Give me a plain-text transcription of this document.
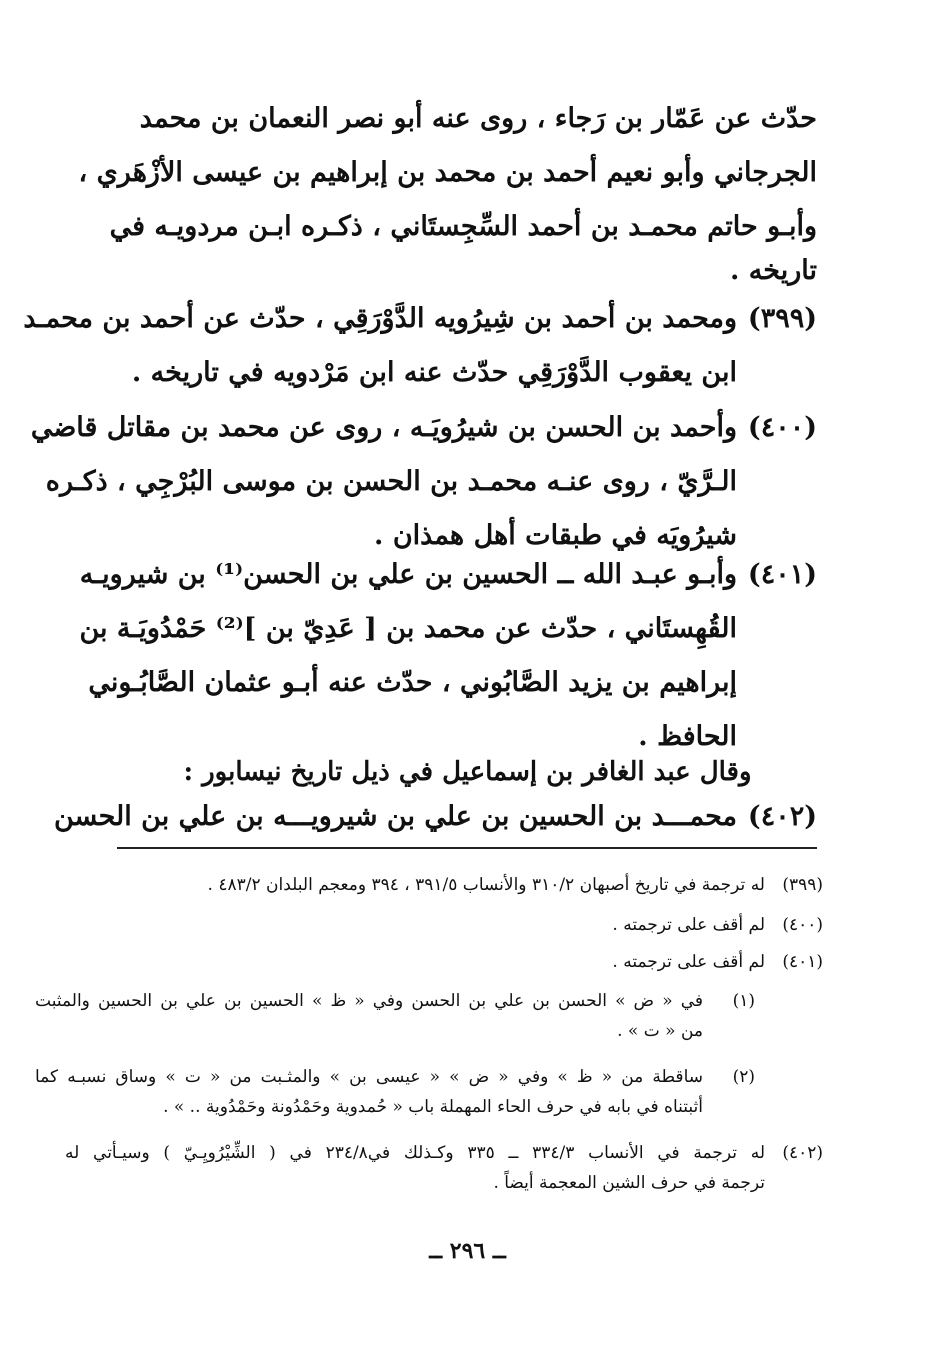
حدّث عن عَمّار بن رَجاء ، روى عنه أبو نصر النعمان بن محمد
الجرجاني وأبو نعيم أحمد بن محمد بن إبراهيم بن عيسى الأزْهَري ،
وأبـو حاتم محمـد بن أحمد السِّجِستَاني ، ذكـره ابـن مردويـه في
تاريخه .
(٣٩٩)
ومحمد بن أحمد بن شِيرُويه الدَّوْرَقِي ، حدّث عن أحمد بن محمـد
ابن يعقوب الدَّوْرَقِي حدّث عنه ابن مَرْدويه في تاريخه .
(٤٠٠)
وأحمد بن الحسن بن شيرُويَـه ، روى عن محمد بن مقاتل قاضي
الـرَّيّ ، روى عنـه محمـد بن الحسن بن موسى البُرْجِي ، ذكـره
شيرُويَه في طبقات أهل همذان .
(٤٠١)
وأبـو عبـد الله ــ الحسين بن علي بن الحسن⁽¹⁾ بن شيرويـه
القُهِستَاني ، حدّث عن محمد بن [ عَدِيّ بن ]⁽²⁾ حَمْدُويَـة بن
إبراهيم بن يزيد الصَّابُوني ، حدّث عنه أبـو عثمان الصَّابُـوني
الحافظ .
وقال عبد الغافر بن إسماعيل في ذيل تاريخ نيسابور :
(٤٠٢)
محمـــد بن الحسين بن علي بن شيرويـــه بن علي بن الحسن
(٣٩٩)
له ترجمة في تاريخ أصبهان ٣١٠/٢ والأنساب ٣٩١/٥ ، ٣٩٤ ومعجم البلدان ٤٨٣/٢ .
(٤٠٠)
لم أقف على ترجمته .
(٤٠١)
لم أقف على ترجمته .
(١)
في « ض » الحسن بن علي بن الحسن وفي « ظ » الحسين بن علي بن الحسين والمثبت
من « ت » .
(٢)
ساقطة من « ظ » وفي « ض » « عيسى بن » والمثـبت من « ت » وساق نسبـه كما
أثبتناه في بابه في حرف الحاء المهملة باب « حُمدوية وحَمْدُونة وحَمْدُوية .. » .
(٤٠٢)
له ترجمة في الأنساب ٣٣٤/٣ ــ ٣٣٥ وكـذلك في٢٣٤/٨ في ( الشِّيْرُويِـيّ ) وسيـأتي له
ترجمة في حرف الشين المعجمة أيضاً .
ــ ٢٩٦ ــ
